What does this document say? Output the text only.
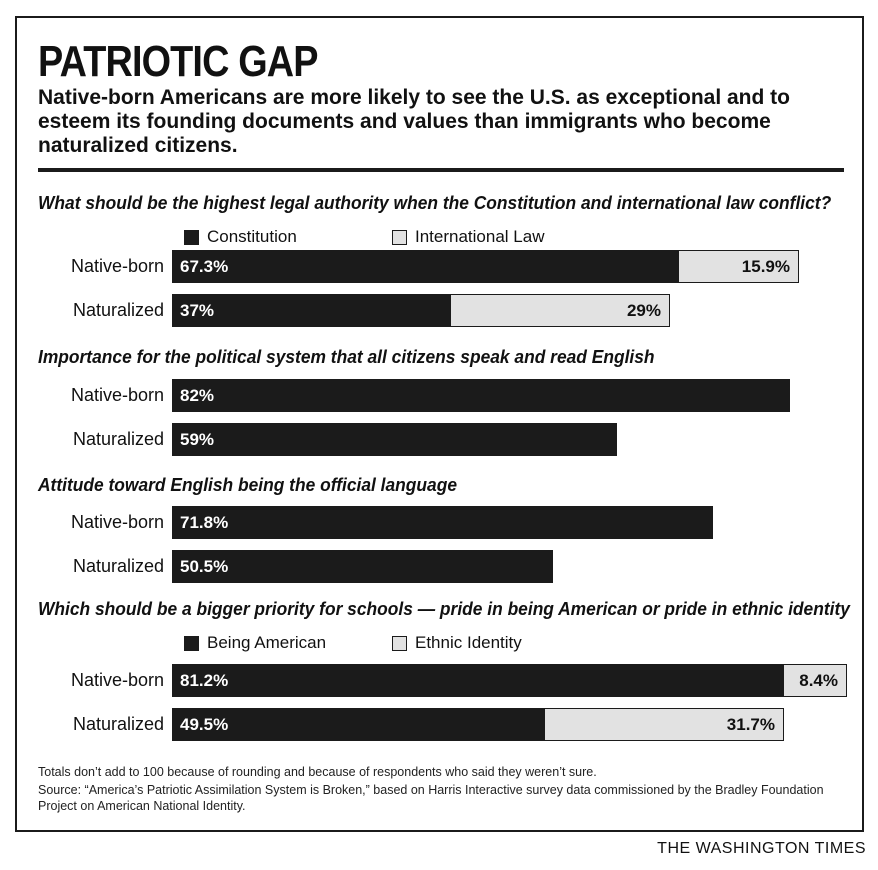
PATRIOTIC GAP

Native-born Americans are more likely to see the U.S. as exceptional and to esteem its founding documents and values than immigrants who become naturalized citizens.

What should be the highest legal authority when the Constitution and international law conflict?

Constitution	International Law
Native-born 67.3%	15.9%
Naturalized 37%	29%

Importance for the political system that all citizens speak and read English

Native-born 82%
Naturalized 59%

Attitude toward English being the official language

Native-born 71.8%
Naturalized 50.5%

Which should be a bigger priority for schools — pride in being American or pride in ethnic identity

Being American	Ethnic Identity
Native-born 81.2%	8.4%
Naturalized 49.5%	31.7%

Totals don’t add to 100 because of rounding and because of respondents who said they weren’t sure.

Source: “America’s Patriotic Assimilation System is Broken,” based on Harris Interactive survey data commissioned by the Bradley Foundation Project on American National Identity.

THE WASHINGTON TIMES
